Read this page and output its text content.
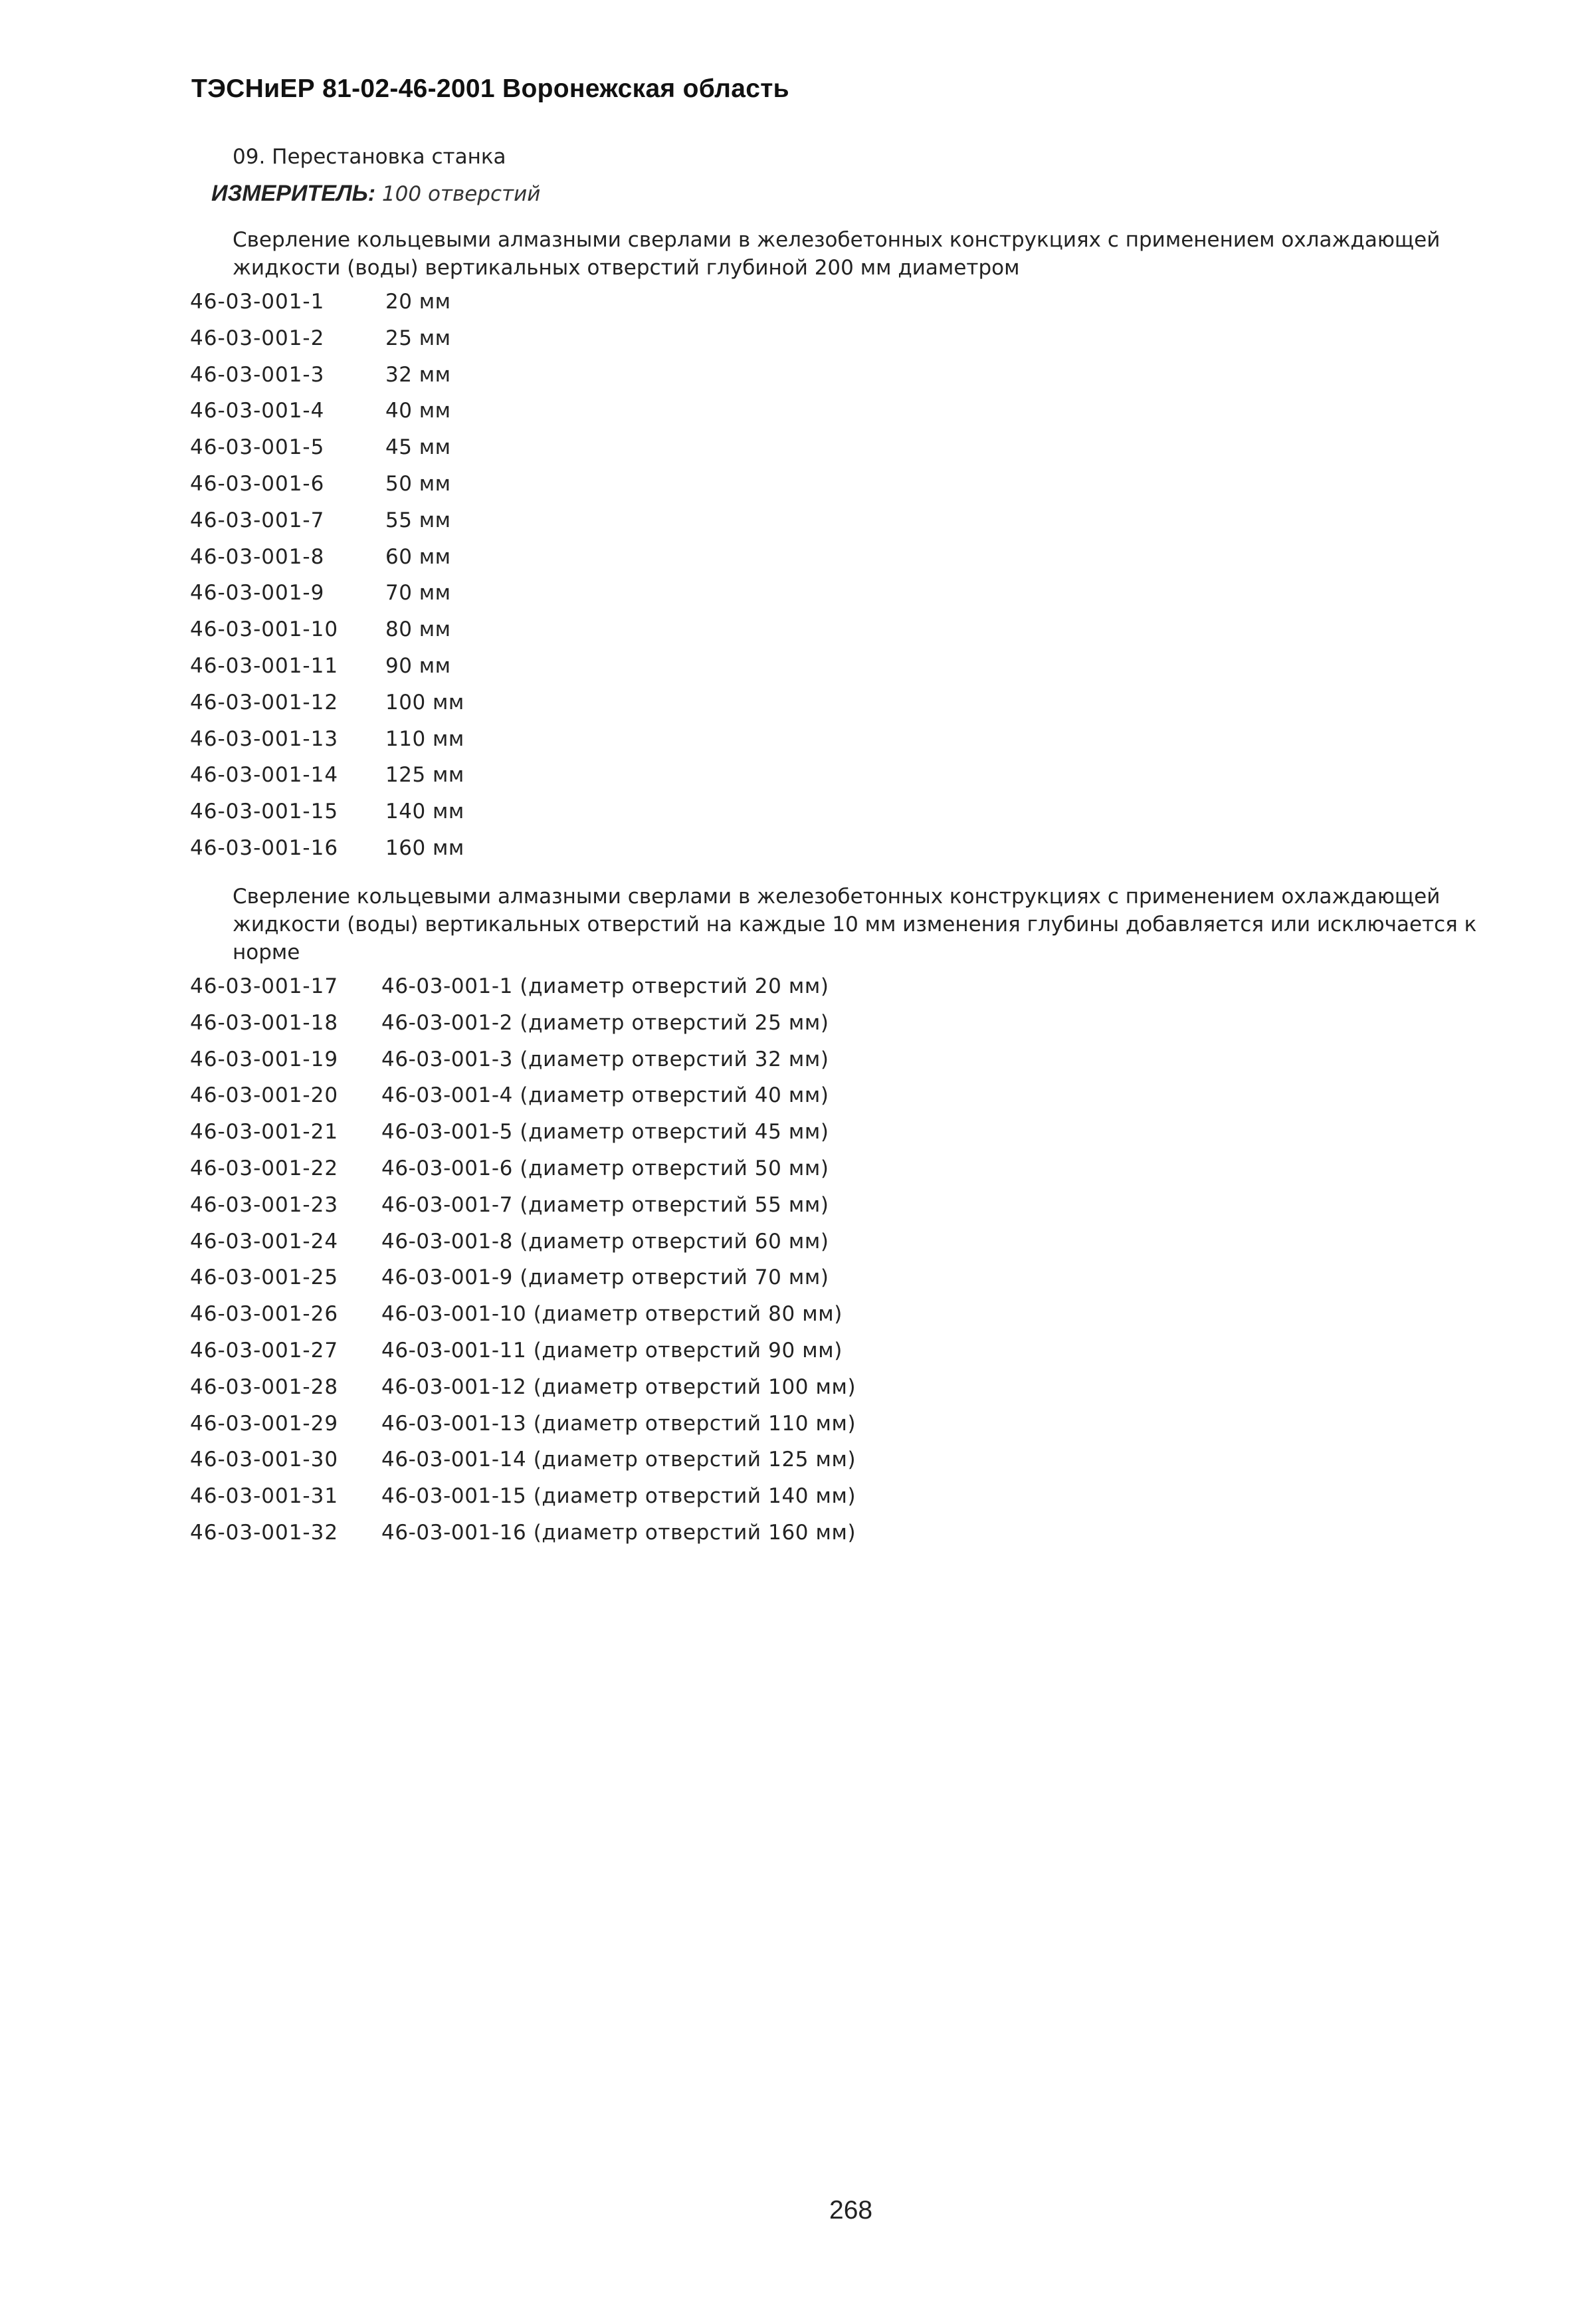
ТЭСНиЕР 81-02-46-2001 Воронежская область
09. Перестановка станка
ИЗМЕРИТЕЛЬ: 100 отверстий
Сверление кольцевыми алмазными сверлами в железобетонных конструкциях с применением охлаждающей жидкости (воды) вертикальных отверстий глубиной 200 мм диаметром
46-03-001-1	20 мм
46-03-001-2	25 мм
46-03-001-3	32 мм
46-03-001-4	40 мм
46-03-001-5	45 мм
46-03-001-6	50 мм
46-03-001-7	55 мм
46-03-001-8	60 мм
46-03-001-9	70 мм
46-03-001-10 80 мм
46-03-001-11 90 мм
46-03-001-12 100 мм
46-03-001-13 110 мм
46-03-001-14 125 мм
46-03-001-15 140 мм
46-03-001-16 160 мм
Сверление кольцевыми алмазными сверлами в железобетонных конструкциях с применением охлаждающей жидкости (воды) вертикальных отверстий на каждые 10 мм изменения глубины добавляется или исключается к норме
46-03-001-17 46-03-001-1 (диаметр отверстий 20 мм)
46-03-001-18 46-03-001-2 (диаметр отверстий 25 мм)
46-03-001-19 46-03-001-3 (диаметр отверстий 32 мм)
46-03-001-20 46-03-001-4 (диаметр отверстий 40 мм)
46-03-001-21 46-03-001-5 (диаметр отверстий 45 мм)
46-03-001-22 46-03-001-6 (диаметр отверстий 50 мм)
46-03-001-23 46-03-001-7 (диаметр отверстий 55 мм)
46-03-001-24 46-03-001-8 (диаметр отверстий 60 мм)
46-03-001-25 46-03-001-9 (диаметр отверстий 70 мм)
46-03-001-26 46-03-001-10 (диаметр отверстий 80 мм)
46-03-001-27 46-03-001-11 (диаметр отверстий 90 мм)
46-03-001-28 46-03-001-12 (диаметр отверстий 100 мм)
46-03-001-29 46-03-001-13 (диаметр отверстий 110 мм)
46-03-001-30 46-03-001-14 (диаметр отверстий 125 мм)
46-03-001-31 46-03-001-15 (диаметр отверстий 140 мм)
46-03-001-32 46-03-001-16 (диаметр отверстий 160 мм)
268
